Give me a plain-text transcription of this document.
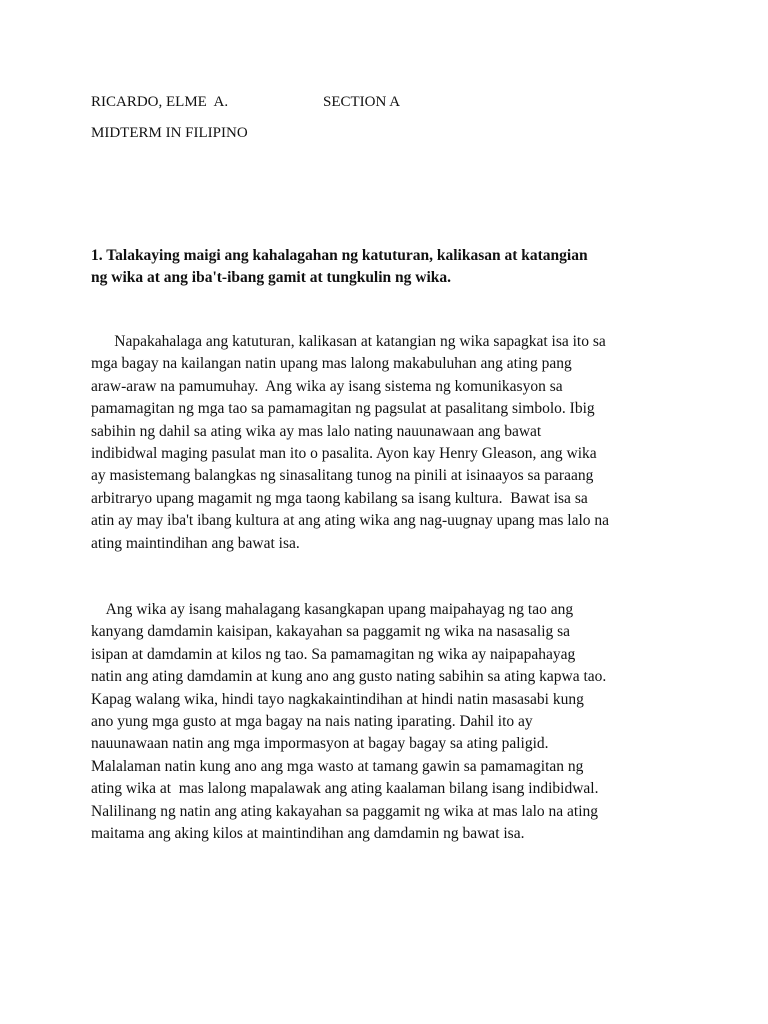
RICARDO, ELME  A.	SECTION A
MIDTERM IN FILIPINO
1. Talakaying maigi ang kahalagahan ng katuturan, kalikasan at katangian
ng wika at ang iba't-ibang gamit at tungkulin ng wika.
Napakahalaga ang katuturan, kalikasan at katangian ng wika sapagkat isa ito sa
mga bagay na kailangan natin upang mas lalong makabuluhan ang ating pang
araw-araw na pamumuhay.  Ang wika ay isang sistema ng komunikasyon sa
pamamagitan ng mga tao sa pamamagitan ng pagsulat at pasalitang simbolo. Ibig
sabihin ng dahil sa ating wika ay mas lalo nating nauunawaan ang bawat
indibidwal maging pasulat man ito o pasalita. Ayon kay Henry Gleason, ang wika
ay masistemang balangkas ng sinasalitang tunog na pinili at isinaayos sa paraang
arbitraryo upang magamit ng mga taong kabilang sa isang kultura.  Bawat isa sa
atin ay may iba't ibang kultura at ang ating wika ang nag-uugnay upang mas lalo na
ating maintindihan ang bawat isa.
Ang wika ay isang mahalagang kasangkapan upang maipahayag ng tao ang
kanyang damdamin kaisipan, kakayahan sa paggamit ng wika na nasasalig sa
isipan at damdamin at kilos ng tao. Sa pamamagitan ng wika ay naipapahayag
natin ang ating damdamin at kung ano ang gusto nating sabihin sa ating kapwa tao.
Kapag walang wika, hindi tayo nagkakaintindihan at hindi natin masasabi kung
ano yung mga gusto at mga bagay na nais nating iparating. Dahil ito ay
nauunawaan natin ang mga impormasyon at bagay bagay sa ating paligid.
Malalaman natin kung ano ang mga wasto at tamang gawin sa pamamagitan ng
ating wika at  mas lalong mapalawak ang ating kaalaman bilang isang indibidwal.
Nalilinang ng natin ang ating kakayahan sa paggamit ng wika at mas lalo na ating
maitama ang aking kilos at maintindihan ang damdamin ng bawat isa.
